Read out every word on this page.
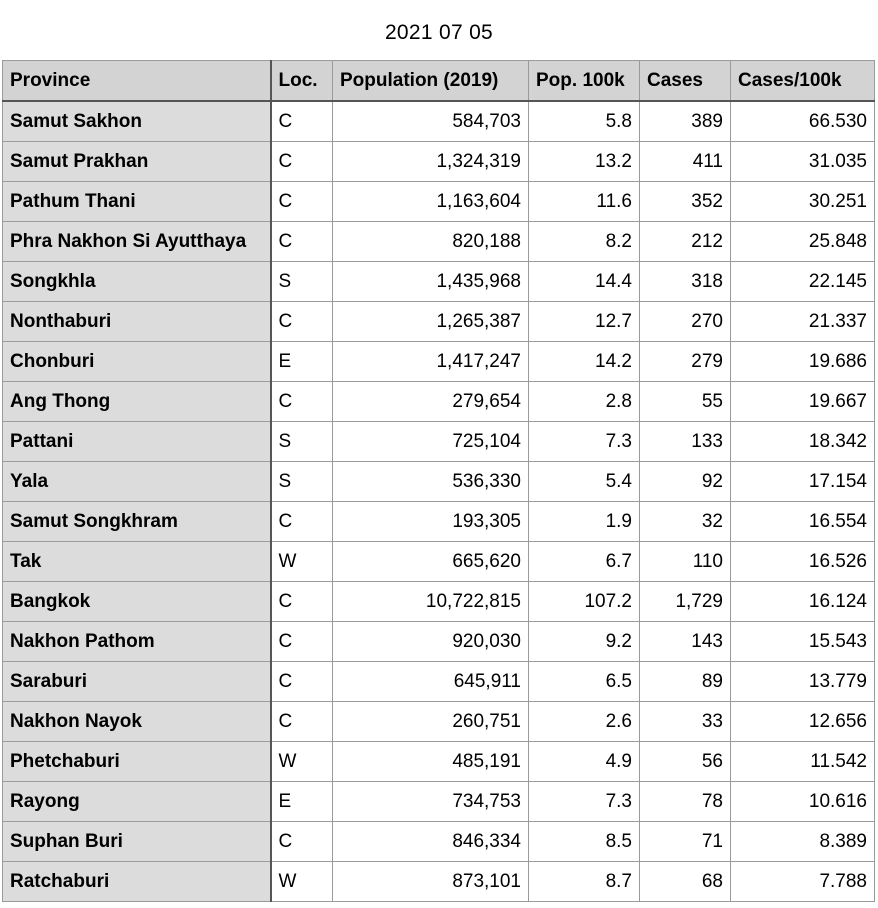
2021 07 05
Province	Loc.	Population (2019)	Pop. 100k	Cases	Cases/100k
Samut Sakhon	C	584,703	5.8	389	66.530
Samut Prakhan	C	1,324,319	13.2	411	31.035
Pathum Thani	C	1,163,604	11.6	352	30.251
Phra Nakhon Si Ayutthaya	C	820,188	8.2	212	25.848
Songkhla	S	1,435,968	14.4	318	22.145
Nonthaburi	C	1,265,387	12.7	270	21.337
Chonburi	E	1,417,247	14.2	279	19.686
Ang Thong	C	279,654	2.8	55	19.667
Pattani	S	725,104	7.3	133	18.342
Yala	S	536,330	5.4	92	17.154
Samut Songkhram	C	193,305	1.9	32	16.554
Tak	W	665,620	6.7	110	16.526
Bangkok	C	10,722,815	107.2	1,729	16.124
Nakhon Pathom	C	920,030	9.2	143	15.543
Saraburi	C	645,911	6.5	89	13.779
Nakhon Nayok	C	260,751	2.6	33	12.656
Phetchaburi	W	485,191	4.9	56	11.542
Rayong	E	734,753	7.3	78	10.616
Suphan Buri	C	846,334	8.5	71	8.389
Ratchaburi	W	873,101	8.7	68	7.788
